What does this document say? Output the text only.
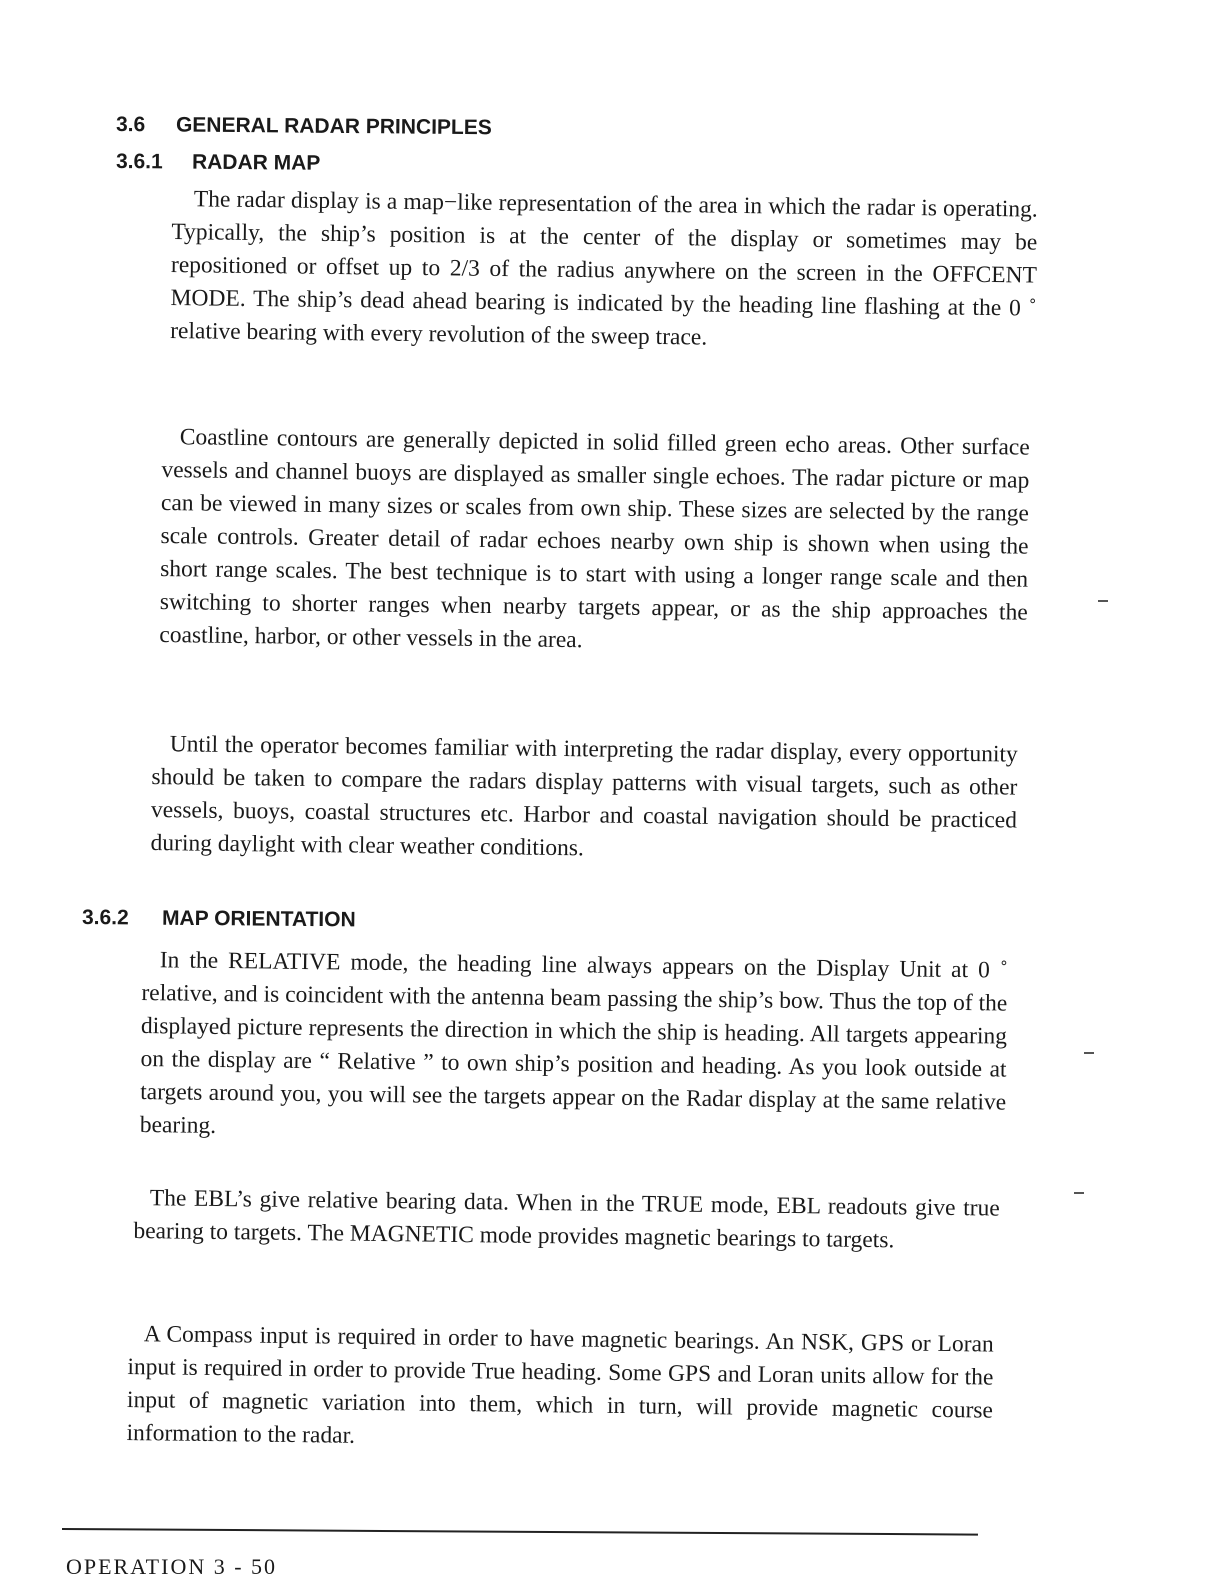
3.6 GENERAL RADAR PRINCIPLES
3.6.1 RADAR MAP

The radar display is a map−like representation of the area in which the radar is operating. Typically, the ship’s position is at the center of the display or sometimes may be repositioned or offset up to 2/3 of the radius anywhere on the screen in the OFFCENT MODE. The ship’s dead ahead bearing is indicated by the heading line flashing at the 0 ˚ relative bearing with every revolution of the sweep trace.

Coastline contours are generally depicted in solid filled green echo areas. Other surface vessels and channel buoys are displayed as smaller single echoes. The radar picture or map can be viewed in many sizes or scales from own ship. These sizes are selected by the range scale controls. Greater detail of radar echoes nearby own ship is shown when using the short range scales. The best technique is to start with using a longer range scale and then switching to shorter ranges when nearby targets appear, or as the ship approaches the coastline, harbor, or other vessels in the area.

Until the operator becomes familiar with interpreting the radar display, every opportunity should be taken to compare the radars display patterns with visual targets, such as other vessels, buoys, coastal structures etc. Harbor and coastal navigation should be practiced during daylight with clear weather conditions.

3.6.2 MAP ORIENTATION

In the RELATIVE mode, the heading line always appears on the Display Unit at 0 ˚ relative, and is coincident with the antenna beam passing the ship’s bow. Thus the top of the displayed picture represents the direction in which the ship is heading. All targets appearing on the display are “ Relative ” to own ship’s position and heading. As you look outside at targets around you, you will see the targets appear on the Radar display at the same relative bearing.

The EBL’s give relative bearing data. When in the TRUE mode, EBL readouts give true bearing to targets. The MAGNETIC mode provides magnetic bearings to targets.

A Compass input is required in order to have magnetic bearings. An NSK, GPS or Loran input is required in order to provide True heading. Some GPS and Loran units allow for the input of magnetic variation into them, which in turn, will provide magnetic course information to the radar.

OPERATION 3 - 50
